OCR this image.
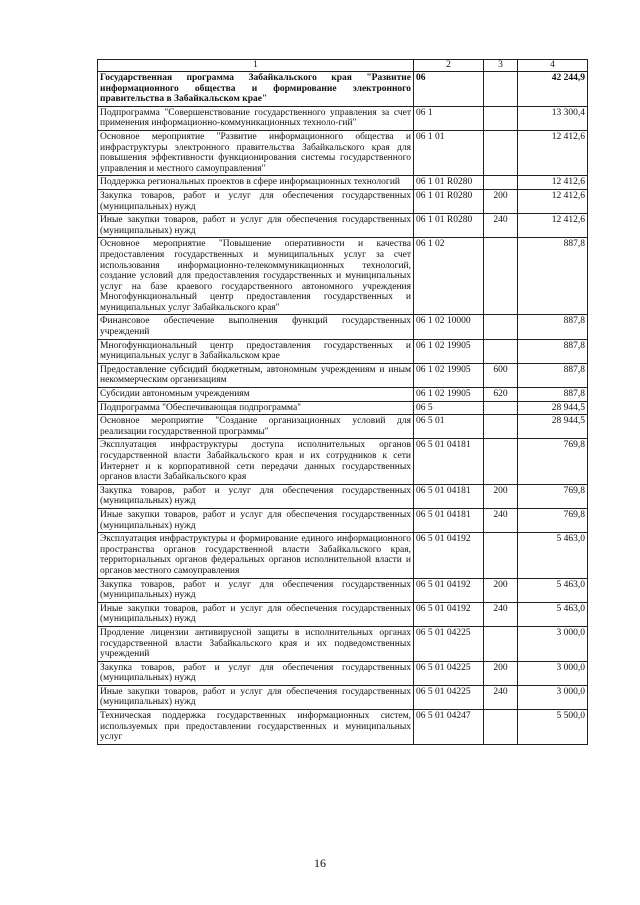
1	2	3	4
Государственная программа Забайкальского края "Развитие информационного общества и формирование электронного правительства в Забайкальском крае"	06		42 244,9
Подпрограмма "Совершенствование государственного управления за счет применения информационно-коммуникационных техноло-гий"	06 1		13 300,4
Основное мероприятие "Развитие информационного общества и инфраструктуры электронного правительства Забайкальского края для повышения эффективности функционирования системы государственного управления и местного самоуправления"	06 1 01		12 412,6
Поддержка региональных проектов в сфере информационных технологий	06 1 01 R0280		12 412,6
Закупка товаров, работ и услуг для обеспечения государственных (муниципальных) нужд	06 1 01 R0280	200	12 412,6
Иные закупки товаров, работ и услуг для обеспечения государственных (муниципальных) нужд	06 1 01 R0280	240	12 412,6
Основное мероприятие "Повышение оперативности и качества предоставления государственных и муниципальных услуг за счет использования информационно-телекоммуникационных технологий, создание условий для предоставления государственных и муниципальных услуг на базе краевого государственного автономного учреждения Многофункциональный центр предоставления государственных и муниципальных услуг Забайкальского края"	06 1 02		887,8
Финансовое обеспечение выполнения функций государственных учреждений	06 1 02 10000		887,8
Многофункциональный центр предоставления государственных и муниципальных услуг в Забайкальском крае	06 1 02 19905		887,8
Предоставление субсидий бюджетным, автономным учреждениям и иным некоммерческим организациям	06 1 02 19905	600	887,8
Субсидии автономным учреждениям	06 1 02 19905	620	887,8
Подпрограмма "Обеспечивающая подпрограмма"	06 5		28 944,5
Основное мероприятие "Создание организационных условий для реализации государственной программы"	06 5 01		28 944,5
Эксплуатация инфраструктуры доступа исполнительных органов государственной власти Забайкальского края и их сотрудников к сети Интернет и к корпоративной сети передачи данных государственных органов власти Забайкальского края	06 5 01 04181		769,8
Закупка товаров, работ и услуг для обеспечения государственных (муниципальных) нужд	06 5 01 04181	200	769,8
Иные закупки товаров, работ и услуг для обеспечения государственных (муниципальных) нужд	06 5 01 04181	240	769,8
Эксплуатация инфраструктуры и формирование единого информационного пространства органов государственной власти Забайкальского края, территориальных органов федеральных органов исполнительной власти и органов местного самоуправления	06 5 01 04192		5 463,0
Закупка товаров, работ и услуг для обеспечения государственных (муниципальных) нужд	06 5 01 04192	200	5 463,0
Иные закупки товаров, работ и услуг для обеспечения государственных (муниципальных) нужд	06 5 01 04192	240	5 463,0
Продление лицензии антивирусной защиты в исполнительных органах государственной власти Забайкальского края и их подведомственных учреждений	06 5 01 04225		3 000,0
Закупка товаров, работ и услуг для обеспечения государственных (муниципальных) нужд	06 5 01 04225	200	3 000,0
Иные закупки товаров, работ и услуг для обеспечения государственных (муниципальных) нужд	06 5 01 04225	240	3 000,0
Техническая поддержка государственных информационных систем, используемых при предоставлении государственных и муниципальных услуг	06 5 01 04247		5 500,0
16
